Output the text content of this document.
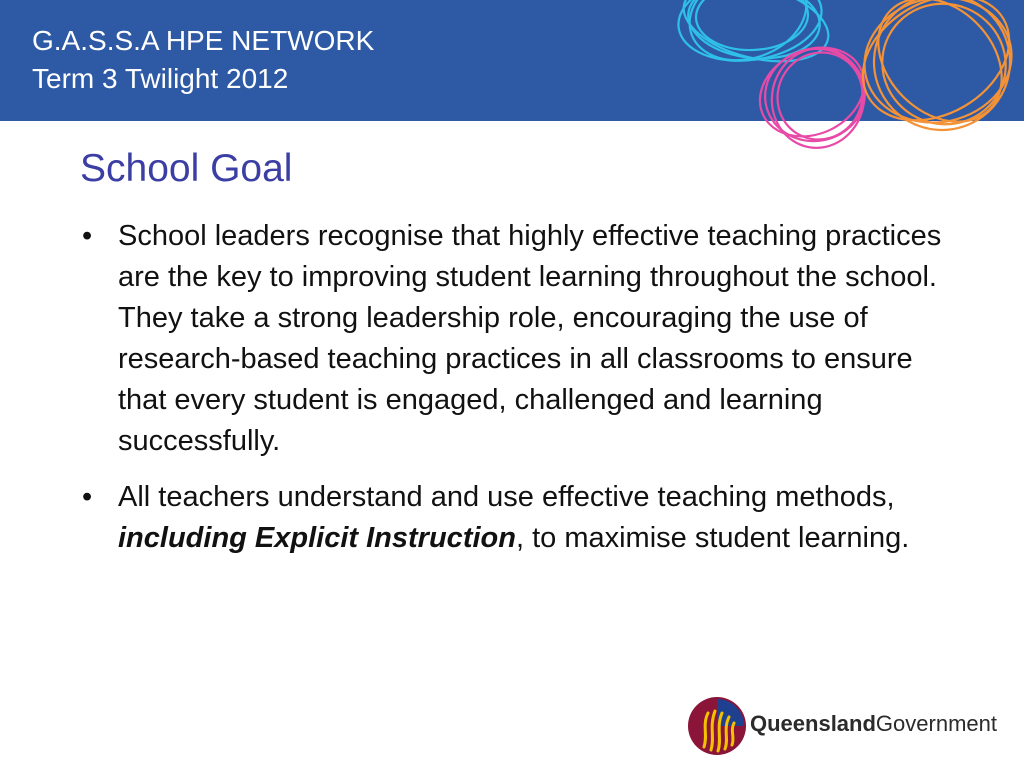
G.A.S.S.A HPE NETWORK
Term 3 Twilight 2012
School Goal
• School leaders recognise that highly effective teaching practices are the key to improving student learning throughout the school. They take a strong leadership role, encouraging the use of research-based teaching practices in all classrooms to ensure that every student is engaged, challenged and learning successfully.
• All teachers understand and use effective teaching methods, including Explicit Instruction, to maximise student learning.
QueenslandGovernment
